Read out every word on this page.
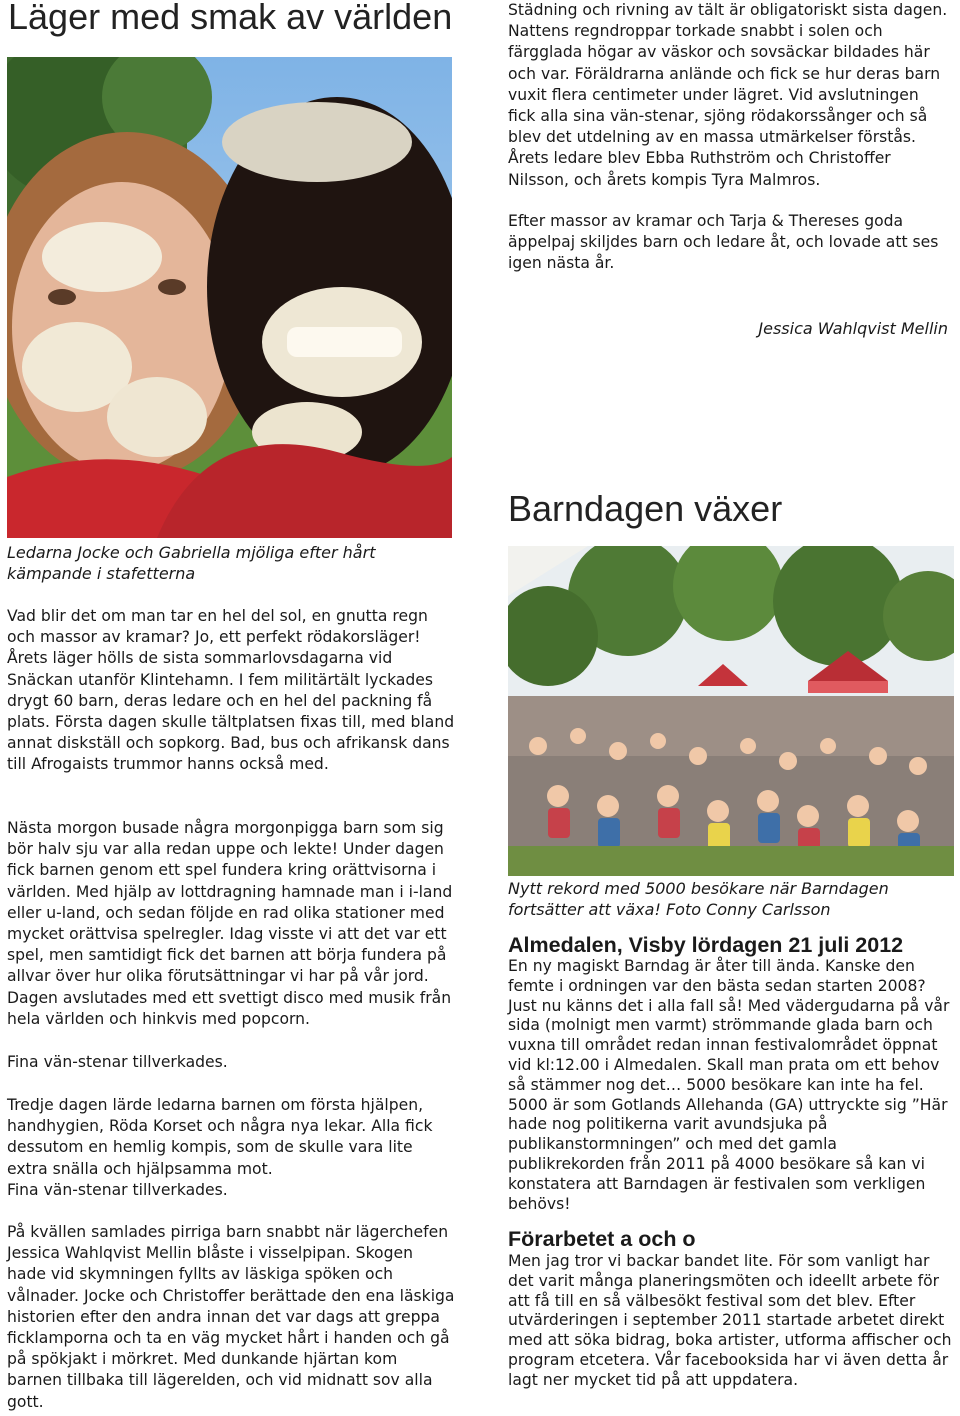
Läger med smak av världen

Ledarna Jocke och Gabriella mjöliga efter hårt kämpande i stafetterna

Vad blir det om man tar en hel del sol, en gnutta regn och massor av kramar? Jo, ett perfekt rödakorsläger! Årets läger hölls de sista sommarlovsdagarna vid Snäckan utanför Klintehamn. I fem militärtält lyckades drygt 60 barn, deras ledare och en hel del packning få plats. Första dagen skulle tältplatsen fixas till, med bland annat diskställ och sopkorg. Bad, bus och afrikansk dans till Afrogaists trummor hanns också med.

Nästa morgon busade några morgonpigga barn som sig bör halv sju var alla redan uppe och lekte! Under dagen fick barnen genom ett spel fundera kring orättvisorna i världen. Med hjälp av lottdragning hamnade man i i-land eller u-land, och sedan följde en rad olika stationer med mycket orättvisa spelregler. Idag visste vi att det var ett spel, men samtidigt fick det barnen att börja fundera på allvar över hur olika förutsättningar vi har på vår jord. Dagen avslutades med ett svettigt disco med musik från hela världen och hinkvis med popcorn.

Fina vän-stenar tillverkades.

Tredje dagen lärde ledarna barnen om första hjälpen, handhygien, Röda Korset och några nya lekar. Alla fick dessutom en hemlig kompis, som de skulle vara lite extra snälla och hjälpsamma mot.

Fina vän-stenar tillverkades.

På kvällen samlades pirriga barn snabbt när lägerchefen Jessica Wahlqvist Mellin blåste i visselpipan. Skogen hade vid skymningen fyllts av läskiga spöken och vålnader. Jocke och Christoffer berättade den ena läskiga historien efter den andra innan det var dags att greppa ficklamporna och ta en väg mycket hårt i handen och gå på spökjakt i mörkret. Med dunkande hjärtan kom barnen tillbaka till lägerelden, och vid midnatt sov alla gott.

Städning och rivning av tält är obligatoriskt sista dagen. Nattens regndroppar torkade snabbt i solen och färgglada högar av väskor och sovsäckar bildades här och var. Föräldrarna anlände och fick se hur deras barn vuxit flera centimeter under lägret. Vid avslutningen fick alla sina vän-stenar, sjöng rödakorssånger och så blev det utdelning av en massa utmärkelser förstås. Årets ledare blev Ebba Ruthström och Christoffer Nilsson, och årets kompis Tyra Malmros.

Efter massor av kramar och Tarja & Thereses goda äppelpaj skiljdes barn och ledare åt, och lovade att ses igen nästa år.

Jessica Wahlqvist Mellin

Barndagen växer

Nytt rekord med 5000 besökare när Barndagen fortsätter att växa! Foto Conny Carlsson

Almedalen, Visby lördagen 21 juli 2012

En ny magiskt Barndag är åter till ända. Kanske den femte i ordningen var den bästa sedan starten 2008? Just nu känns det i alla fall så! Med vädergudarna på vår sida (molnigt men varmt) strömmande glada barn och vuxna till området redan innan festivalområdet öppnat vid kl:12.00 i Almedalen. Skall man prata om ett behov så stämmer nog det… 5000 besökare kan inte ha fel. 5000 är som Gotlands Allehanda (GA) uttryckte sig ”Här hade nog politikerna varit avundsjuka på publikanstormningen” och med det gamla publikrekorden från 2011 på 4000 besökare så kan vi konstatera att Barndagen är festivalen som verkligen behövs!

Förarbetet a och o

Men jag tror vi backar bandet lite. För som vanligt har det varit många planeringsmöten och ideellt arbete för att få till en så välbesökt festival som det blev. Efter utvärderingen i september 2011 startade arbetet direkt med att söka bidrag, boka artister, utforma affischer och program etcetera. Vår facebooksida har vi även detta år lagt ner mycket tid på att uppdatera.
